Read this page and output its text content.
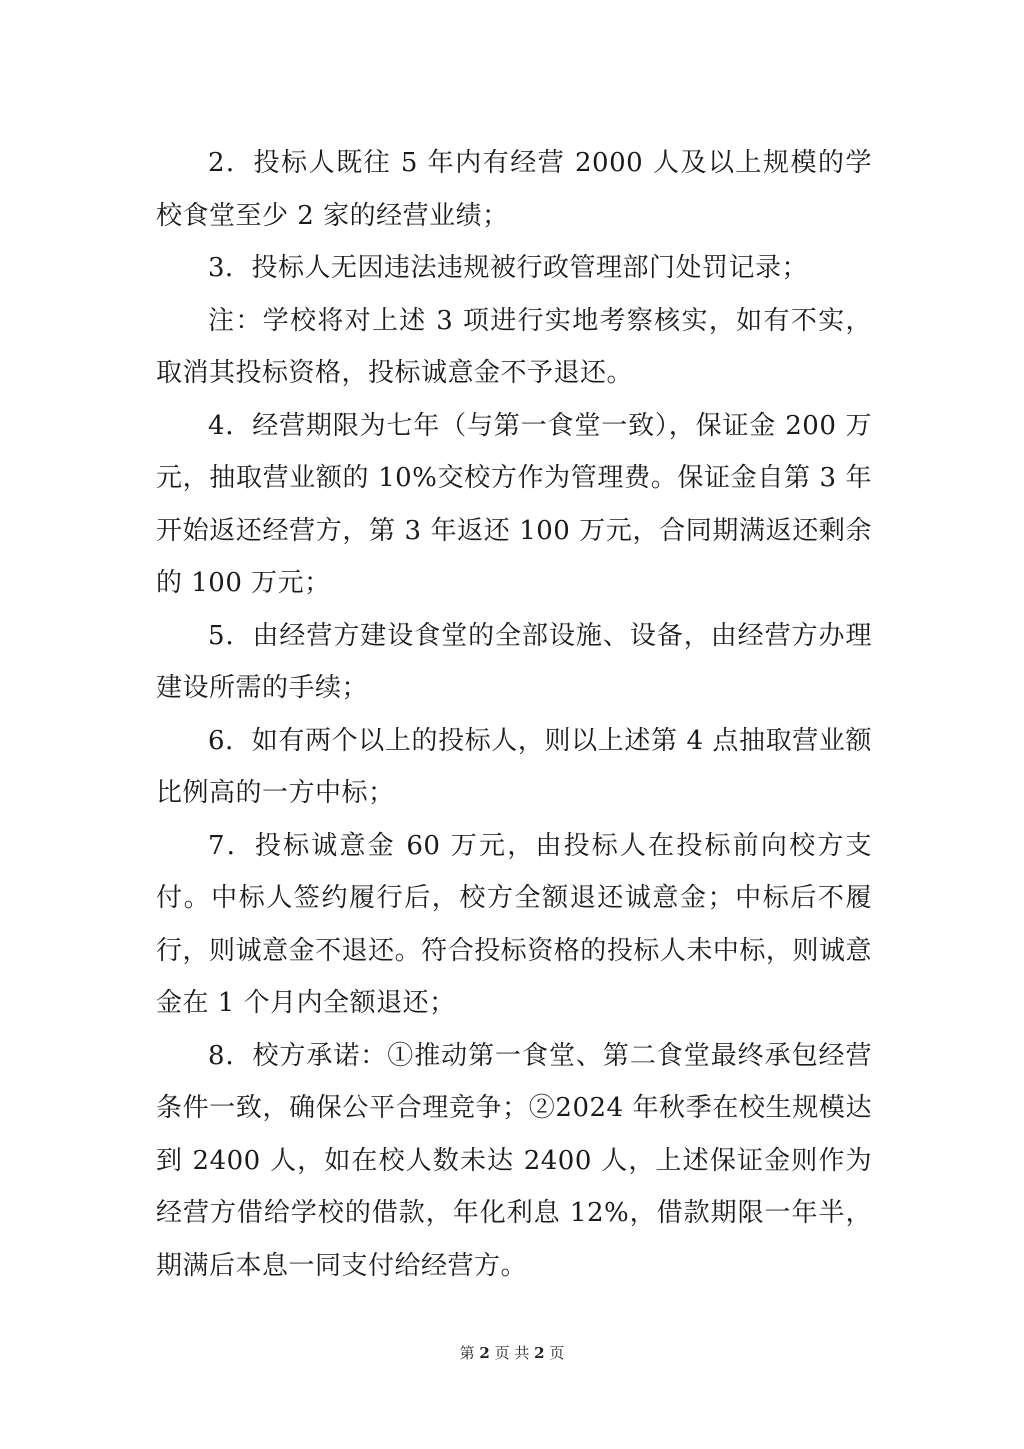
2．投标人既往 5 年内有经营 2000 人及以上规模的学校食堂至少 2 家的经营业绩；

3．投标人无因违法违规被行政管理部门处罚记录；

注：学校将对上述 3 项进行实地考察核实，如有不实，取消其投标资格，投标诚意金不予退还。

4．经营期限为七年（与第一食堂一致），保证金 200 万元，抽取营业额的 10%交校方作为管理费。保证金自第 3 年开始返还经营方，第 3 年返还 100 万元，合同期满返还剩余的 100 万元；

5．由经营方建设食堂的全部设施、设备，由经营方办理建设所需的手续；

6．如有两个以上的投标人，则以上述第 4 点抽取营业额比例高的一方中标；

7．投标诚意金 60 万元，由投标人在投标前向校方支付。中标人签约履行后，校方全额退还诚意金；中标后不履行，则诚意金不退还。符合投标资格的投标人未中标，则诚意金在 1 个月内全额退还；

8．校方承诺：①推动第一食堂、第二食堂最终承包经营条件一致，确保公平合理竞争；②2024 年秋季在校生规模达到 2400 人，如在校人数未达 2400 人，上述保证金则作为经营方借给学校的借款，年化利息 12%，借款期限一年半，期满后本息一同支付给经营方。

第 2 页 共 2 页
